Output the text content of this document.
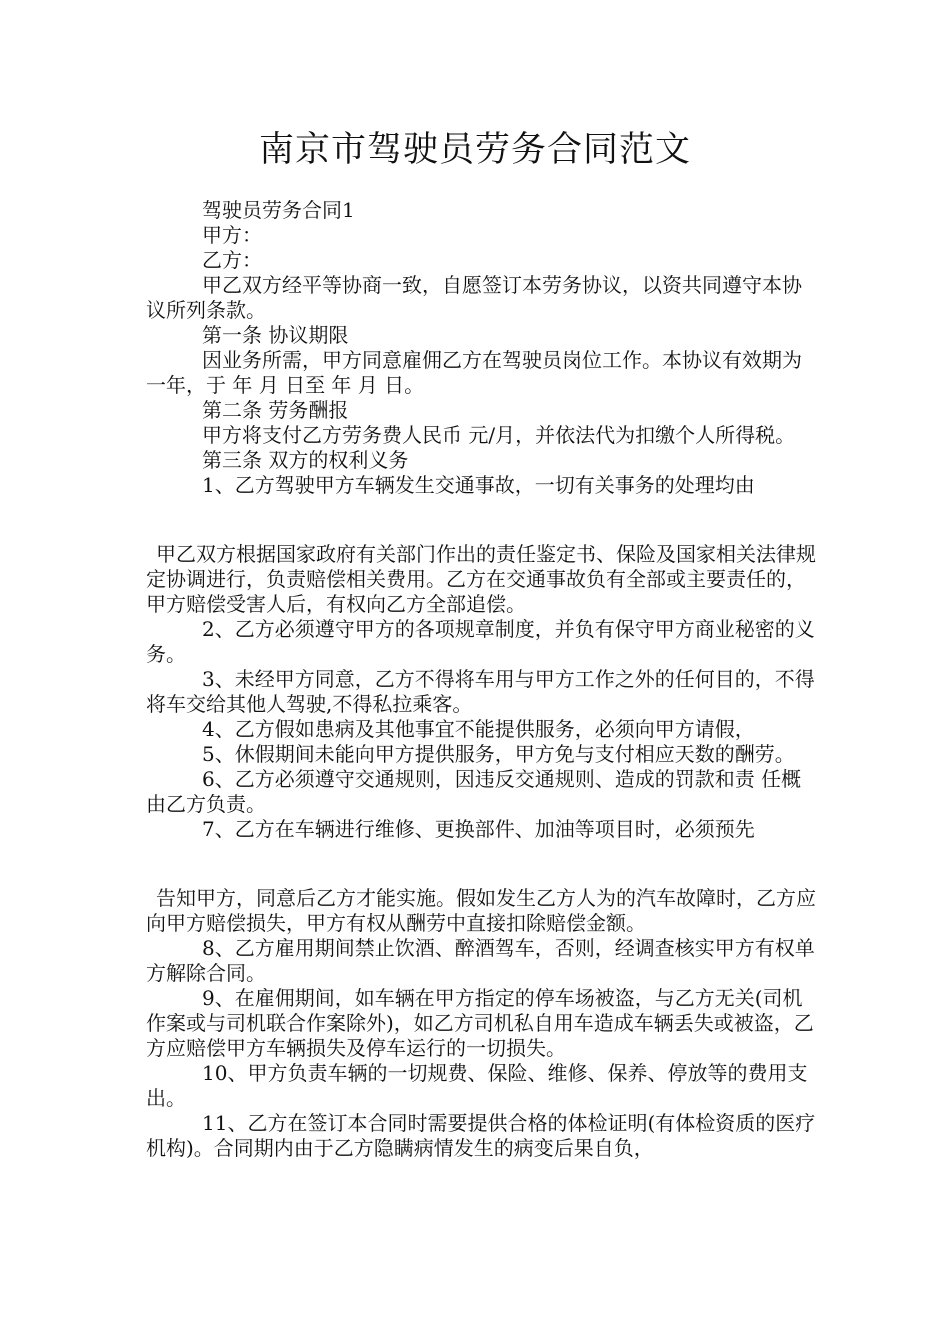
南京市驾驶员劳务合同范文

驾驶员劳务合同1

甲方：

乙方：

甲乙双方经平等协商一致，自愿签订本劳务协议，以资共同遵守本协议所列条款。

第一条 协议期限

因业务所需，甲方同意雇佣乙方在驾驶员岗位工作。本协议有效期为一年，于 年 月 日至 年 月 日。

第二条 劳务酬报

甲方将支付乙方劳务费人民币 元/月，并依法代为扣缴个人所得税。

第三条 双方的权利义务

1、乙方驾驶甲方车辆发生交通事故，一切有关事务的处理均由

甲乙双方根据国家政府有关部门作出的责任鉴定书、保险及国家相关法律规定协调进行，负责赔偿相关费用。乙方在交通事故负有全部或主要责任的，甲方赔偿受害人后，有权向乙方全部追偿。

2、乙方必须遵守甲方的各项规章制度，并负有保守甲方商业秘密的义务。

3、未经甲方同意，乙方不得将车用与甲方工作之外的任何目的，不得将车交给其他人驾驶,不得私拉乘客。

4、乙方假如患病及其他事宜不能提供服务，必须向甲方请假，

5、休假期间未能向甲方提供服务，甲方免与支付相应天数的酬劳。

6、乙方必须遵守交通规则，因违反交通规则、造成的罚款和责 任概由乙方负责。

7、乙方在车辆进行维修、更换部件、加油等项目时，必须预先

告知甲方，同意后乙方才能实施。假如发生乙方人为的汽车故障时，乙方应向甲方赔偿损失，甲方有权从酬劳中直接扣除赔偿金额。

8、乙方雇用期间禁止饮酒、醉酒驾车，否则，经调查核实甲方有权单方解除合同。

9、在雇佣期间，如车辆在甲方指定的停车场被盗，与乙方无关(司机作案或与司机联合作案除外)，如乙方司机私自用车造成车辆丢失或被盗，乙方应赔偿甲方车辆损失及停车运行的一切损失。

10、甲方负责车辆的一切规费、保险、维修、保养、停放等的费用支出。

11、乙方在签订本合同时需要提供合格的体检证明(有体检资质的医疗机构)。合同期内由于乙方隐瞒病情发生的病变后果自负，
